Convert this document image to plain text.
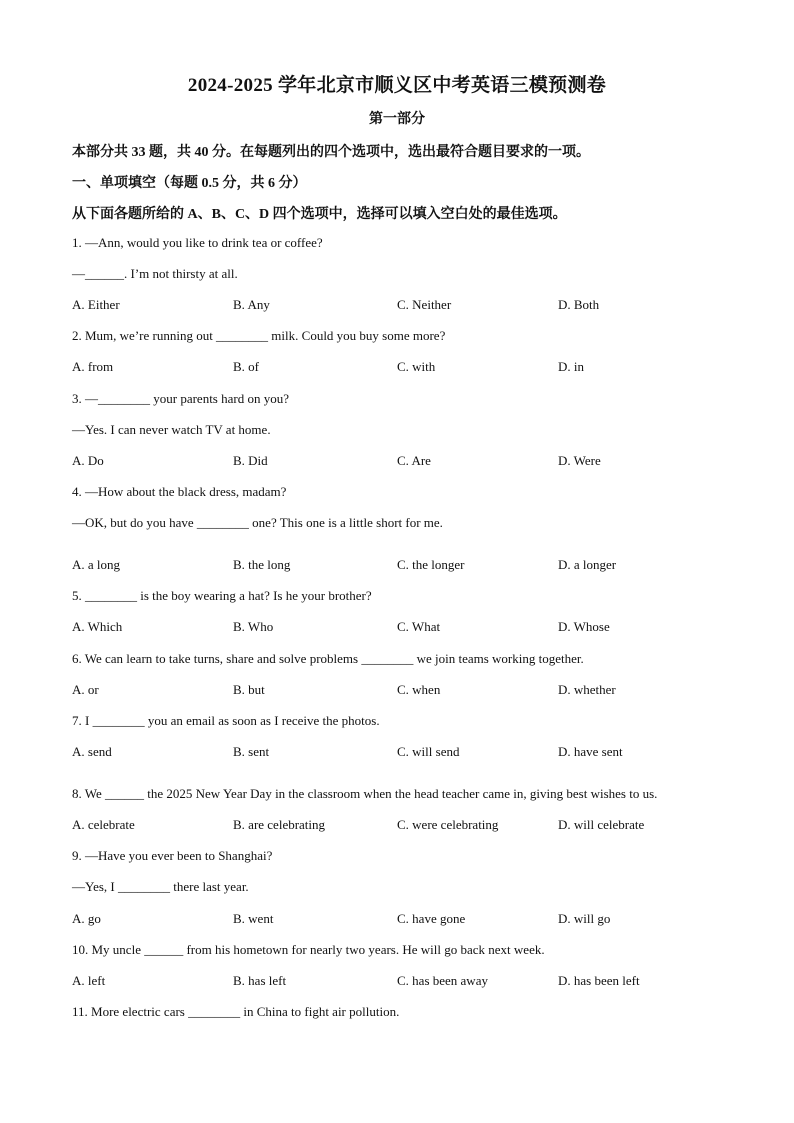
2024-2025 学年北京市顺义区中考英语三模预测卷
第一部分
本部分共 33 题，共 40 分。在每题列出的四个选项中，选出最符合题目要求的一项。
一、单项填空（每题 0.5 分，共 6 分）
从下面各题所给的 A、B、C、D 四个选项中，选择可以填入空白处的最佳选项。
1. —Ann, would you like to drink tea or coffee?
—______. I’m not thirsty at all.
A. Either	B. Any	C. Neither	D. Both
2. Mum, we’re running out ________ milk. Could you buy some more?
A. from	B. of	C. with	D. in
3. —________ your parents hard on you?
—Yes. I can never watch TV at home.
A. Do	B. Did	C. Are	D. Were
4. —How about the black dress, madam?
—OK, but do you have ________ one? This one is a little short for me.
A. a long	B. the long	C. the longer	D. a longer
5. ________ is the boy wearing a hat? Is he your brother?
A. Which	B. Who	C. What	D. Whose
6. We can learn to take turns, share and solve problems ________ we join teams working together.
A. or	B. but	C. when	D. whether
7. I ________ you an email as soon as I receive the photos.
A. send	B. sent	C. will send	D. have sent
8. We ______ the 2025 New Year Day in the classroom when the head teacher came in, giving best wishes to us.
A. celebrate	B. are celebrating	C. were celebrating	D. will celebrate
9. —Have you ever been to Shanghai?
—Yes, I ________ there last year.
A. go	B. went	C. have gone	D. will go
10. My uncle ______ from his hometown for nearly two years. He will go back next week.
A. left	B. has left	C. has been away	D. has been left
11. More electric cars ________ in China to fight air pollution.
